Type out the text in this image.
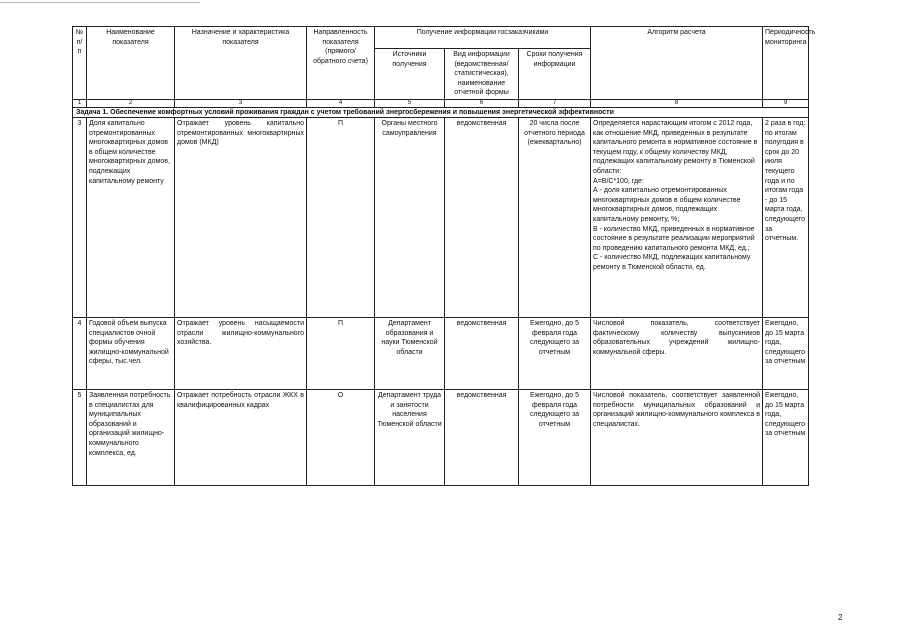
№ п/п	Наименование показателя	Назначение и характеристика показателя	Направленность показателя (прямого/ обратного счета)	Получение информации госзаказчиками			Алгоритм расчета	Периодичность мониторинга
				Источники получения	Вид информации (ведомственная/ статистическая), наименование отчетной формы	Сроки получения информации		
1	2	3	4	5	6	7	8	9
Задача 1. Обеспечение комфортных условий проживания граждан с учетом требований энергосбережения и повышения энергетической эффективности								
3	Доля капитально отремонтированных многоквартирных домов в общем количестве многоквартирных домов, подлежащих капитальному ремонту	Отражает уровень капитально отремонтированных многоквартирных домов (МКД)	П	Органы местного самоуправления	ведомственная	20 числа после отчетного периода (ежеквартально)	Определяется нарастающим итогом с 2012 года, как отношение МКД, приведенных в результате капитального ремонта в нормативное состояние в текущем году, к общему количеству МКД, подлежащих капитальному ремонту в Тюменской области:
А=В/С*100, где:
А - доля капитально отремонтированных многоквартирных домов в общем количестве многоквартирных домов, подлежащих капитальному ремонту, %;
В - количество МКД, приведенных в нормативное состояние в результате реализации мероприятий по проведению капитального ремонта МКД, ед.;
С - количество МКД, подлежащих капитальному ремонту в Тюменской области, ед.	2 раза в год: по итогам полугодия в срок до 20 июля текущего года и по итогам года - до 15 марта года, следующего за отчетным.
4	Годовой объем выпуска специалистов очной формы обучения жилищно-коммунальной сферы, тыс.чел.	Отражает уровень насыщаемости отрасли жилищно-коммунального хозяйства.	П	Департамент образования и науки Тюменской области	ведомственная	Ежегодно, до 5 февраля года следующего за отчетным	Числовой показатель, соответствует фактическому количеству выпускников образовательных учреждений жилищно-коммунальной сферы.	Ежегодно, до 15 марта года, следующего за отчетным
5	Заявленная потребность в специалистах для муниципальных образований и организаций жилищно-коммунального комплекса, ед.	Отражает потребность отрасли ЖКХ в квалифицированных кадрах	О	Департамент труда и занятости населения Тюменской области	ведомственная	Ежегодно, до 5 февраля года следующего за отчетным	Числовой показатель, соответствует заявленной потребности муниципальных образований и организаций жилищно-коммунального комплекса в специалистах.	Ежегодно, до 15 марта года, следующего за отчетным
2
